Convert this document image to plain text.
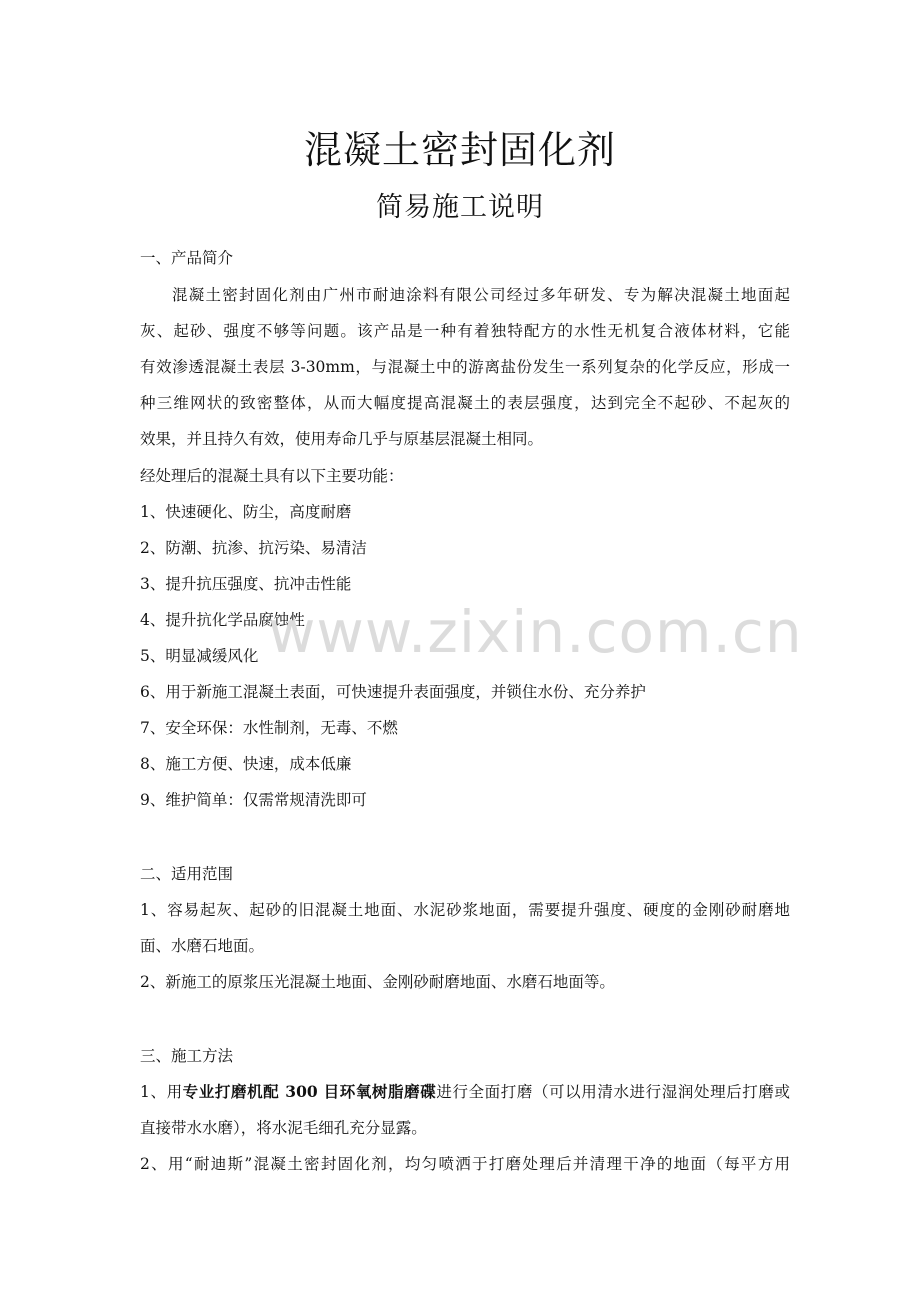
混凝土密封固化剂
简易施工说明
一、产品简介
混凝土密封固化剂由广州市耐迪涂料有限公司经过多年研发、专为解决混凝土地面起
灰、起砂、强度不够等问题。该产品是一种有着独特配方的水性无机复合液体材料，它能
有效渗透混凝土表层 3-30mm，与混凝土中的游离盐份发生一系列复杂的化学反应，形成一
种三维网状的致密整体，从而大幅度提高混凝土的表层强度，达到完全不起砂、不起灰的
效果，并且持久有效，使用寿命几乎与原基层混凝土相同。
经处理后的混凝土具有以下主要功能：
1、快速硬化、防尘，高度耐磨
2、防潮、抗渗、抗污染、易清洁
3、提升抗压强度、抗冲击性能
4、提升抗化学品腐蚀性
5、明显减缓风化
6、用于新施工混凝土表面，可快速提升表面强度，并锁住水份、充分养护
7、安全环保：水性制剂，无毒、不燃
8、施工方便、快速，成本低廉
9、维护简单：仅需常规清洗即可
二、适用范围
1、容易起灰、起砂的旧混凝土地面、水泥砂浆地面，需要提升强度、硬度的金刚砂耐磨地
面、水磨石地面。
2、新施工的原浆压光混凝土地面、金刚砂耐磨地面、水磨石地面等。
三、施工方法
1、用专业打磨机配 300 目环氧树脂磨碟进行全面打磨（可以用清水进行湿润处理后打磨或
直接带水水磨），将水泥毛细孔充分显露。
2、用“耐迪斯”混凝土密封固化剂，均匀喷洒于打磨处理后并清理干净的地面（每平方用
www.zixin.com.cn
